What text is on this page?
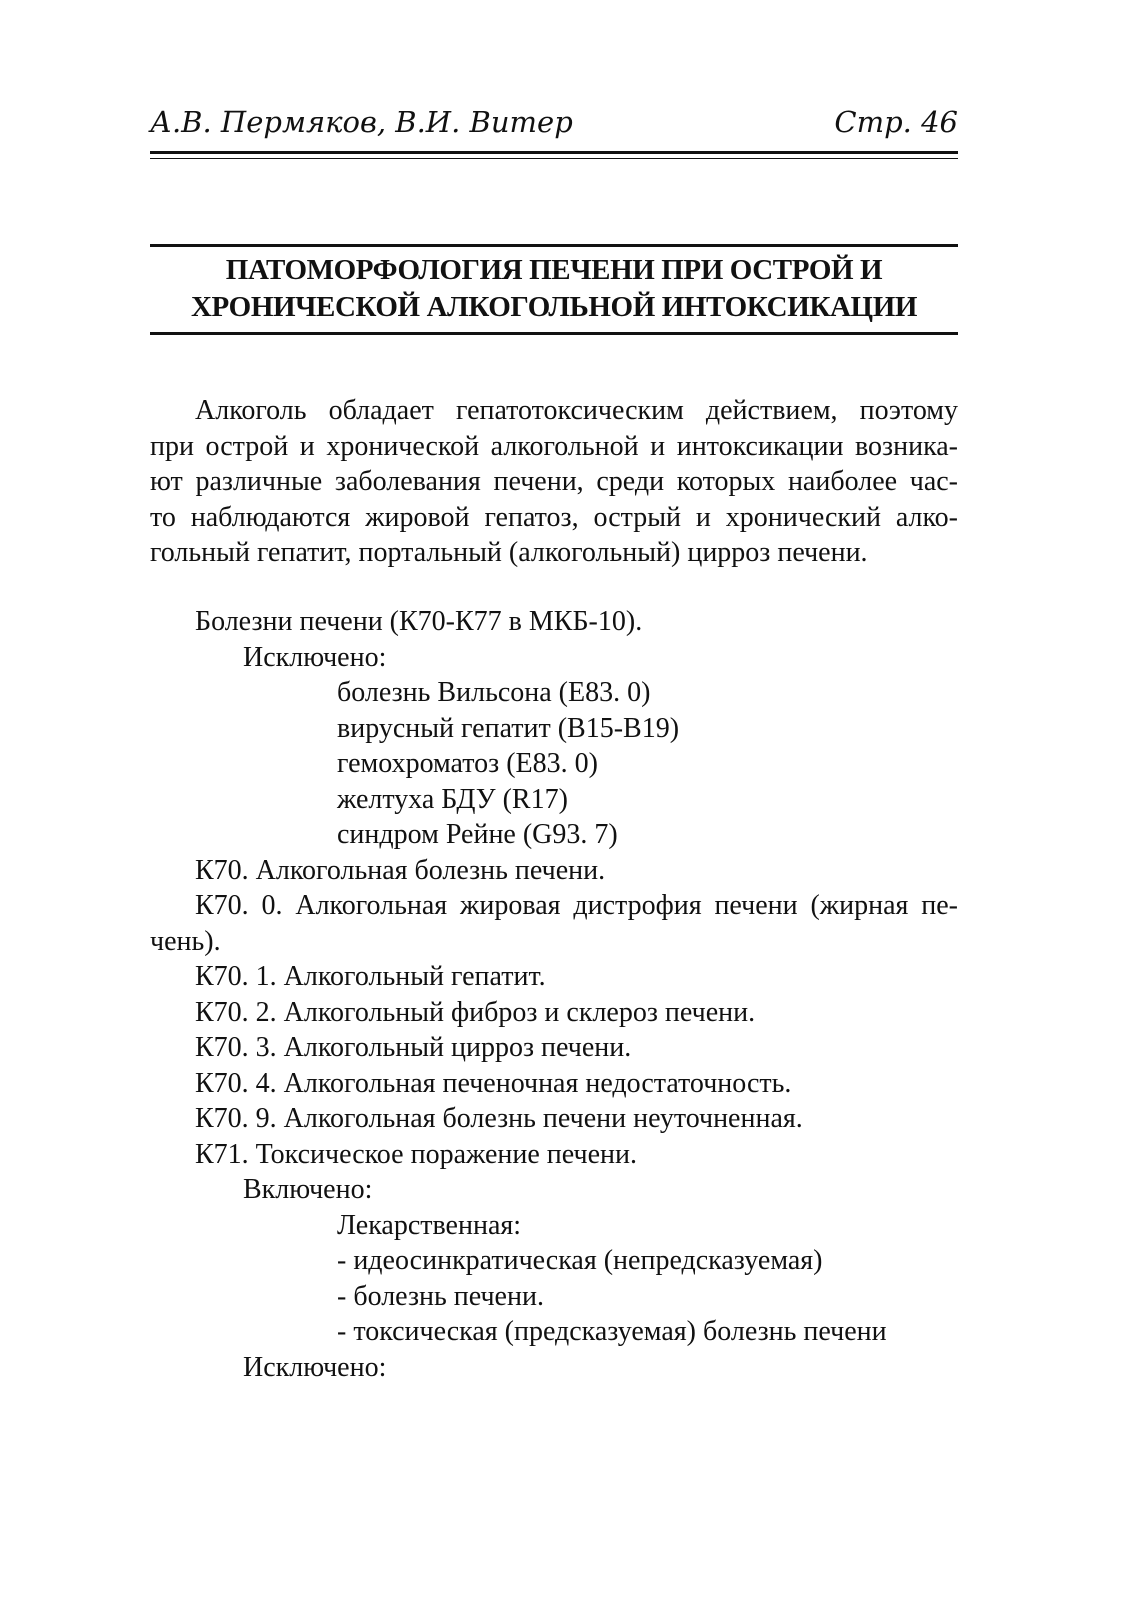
А.В. Пермяков, В.И. Витер	Стр. 46
ПАТОМОРФОЛОГИЯ ПЕЧЕНИ ПРИ ОСТРОЙ И
ХРОНИЧЕСКОЙ АЛКОГОЛЬНОЙ ИНТОКСИКАЦИИ
Алкоголь обладает гепатотоксическим действием, поэтому
при острой и хронической алкогольной и интоксикации возника-
ют различные заболевания печени, среди которых наиболее час-
то наблюдаются жировой гепатоз, острый и хронический алко-
гольный гепатит, портальный (алкогольный) цирроз печени.
Болезни печени (К70-К77 в МКБ-10).
Исключено:
болезнь Вильсона (Е83. 0)
вирусный гепатит (В15-В19)
гемохроматоз (Е83. 0)
желтуха БДУ (R17)
синдром Рейне (G93. 7)
К70. Алкогольная болезнь печени.
К70. 0. Алкогольная жировая дистрофия печени (жирная пе-
чень).
К70. 1. Алкогольный гепатит.
К70. 2. Алкогольный фиброз и склероз печени.
К70. 3. Алкогольный цирроз печени.
К70. 4. Алкогольная печеночная недостаточность.
К70. 9. Алкогольная болезнь печени неуточненная.
К71. Токсическое поражение печени.
Включено:
Лекарственная:
- идеосинкратическая (непредсказуемая)
- болезнь печени.
- токсическая (предсказуемая) болезнь печени
Исключено:
